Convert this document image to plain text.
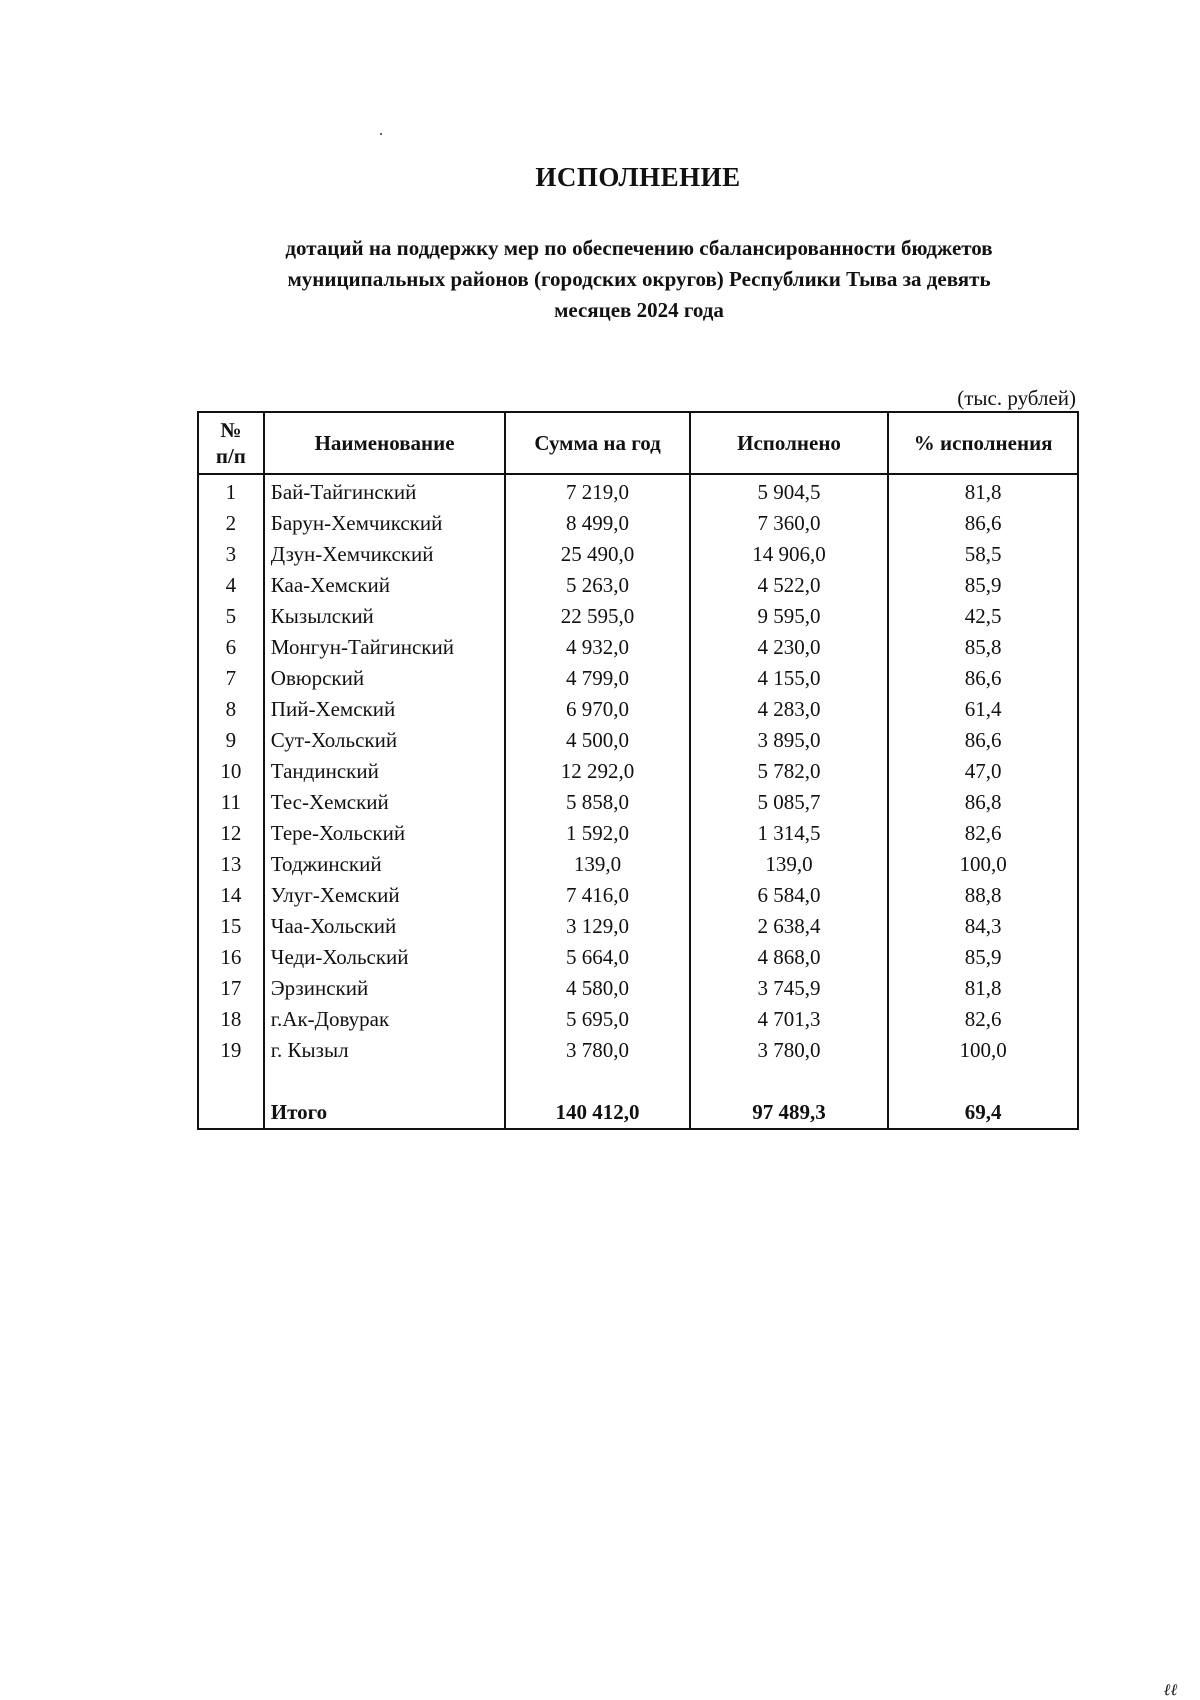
ИСПОЛНЕНИЕ
дотаций на поддержку мер по обеспечению сбалансированности бюджетов
муниципальных районов (городских округов) Республики Тыва за девять
месяцев 2024 года
(тыс. рублей)
№
п/п	Наименование	Сумма на год	Исполнено	% исполнения
1	Бай-Тайгинский	7 219,0	5 904,5	81,8
2	Барун-Хемчикский	8 499,0	7 360,0	86,6
3	Дзун-Хемчикский	25 490,0	14 906,0	58,5
4	Каа-Хемский	5 263,0	4 522,0	85,9
5	Кызылский	22 595,0	9 595,0	42,5
6	Монгун-Тайгинский	4 932,0	4 230,0	85,8
7	Овюрский	4 799,0	4 155,0	86,6
8	Пий-Хемский	6 970,0	4 283,0	61,4
9	Сут-Хольский	4 500,0	3 895,0	86,6
10	Тандинский	12 292,0	5 782,0	47,0
11	Тес-Хемский	5 858,0	5 085,7	86,8
12	Тере-Хольский	1 592,0	1 314,5	82,6
13	Тоджинский	139,0	139,0	100,0
14	Улуг-Хемский	7 416,0	6 584,0	88,8
15	Чаа-Хольский	3 129,0	2 638,4	84,3
16	Чеди-Хольский	5 664,0	4 868,0	85,9
17	Эрзинский	4 580,0	3 745,9	81,8
18	г.Ак-Довурак	5 695,0	4 701,3	82,6
19	г. Кызыл	3 780,0	3 780,0	100,0

	Итого	140 412,0	97 489,3	69,4
ℓℓ
